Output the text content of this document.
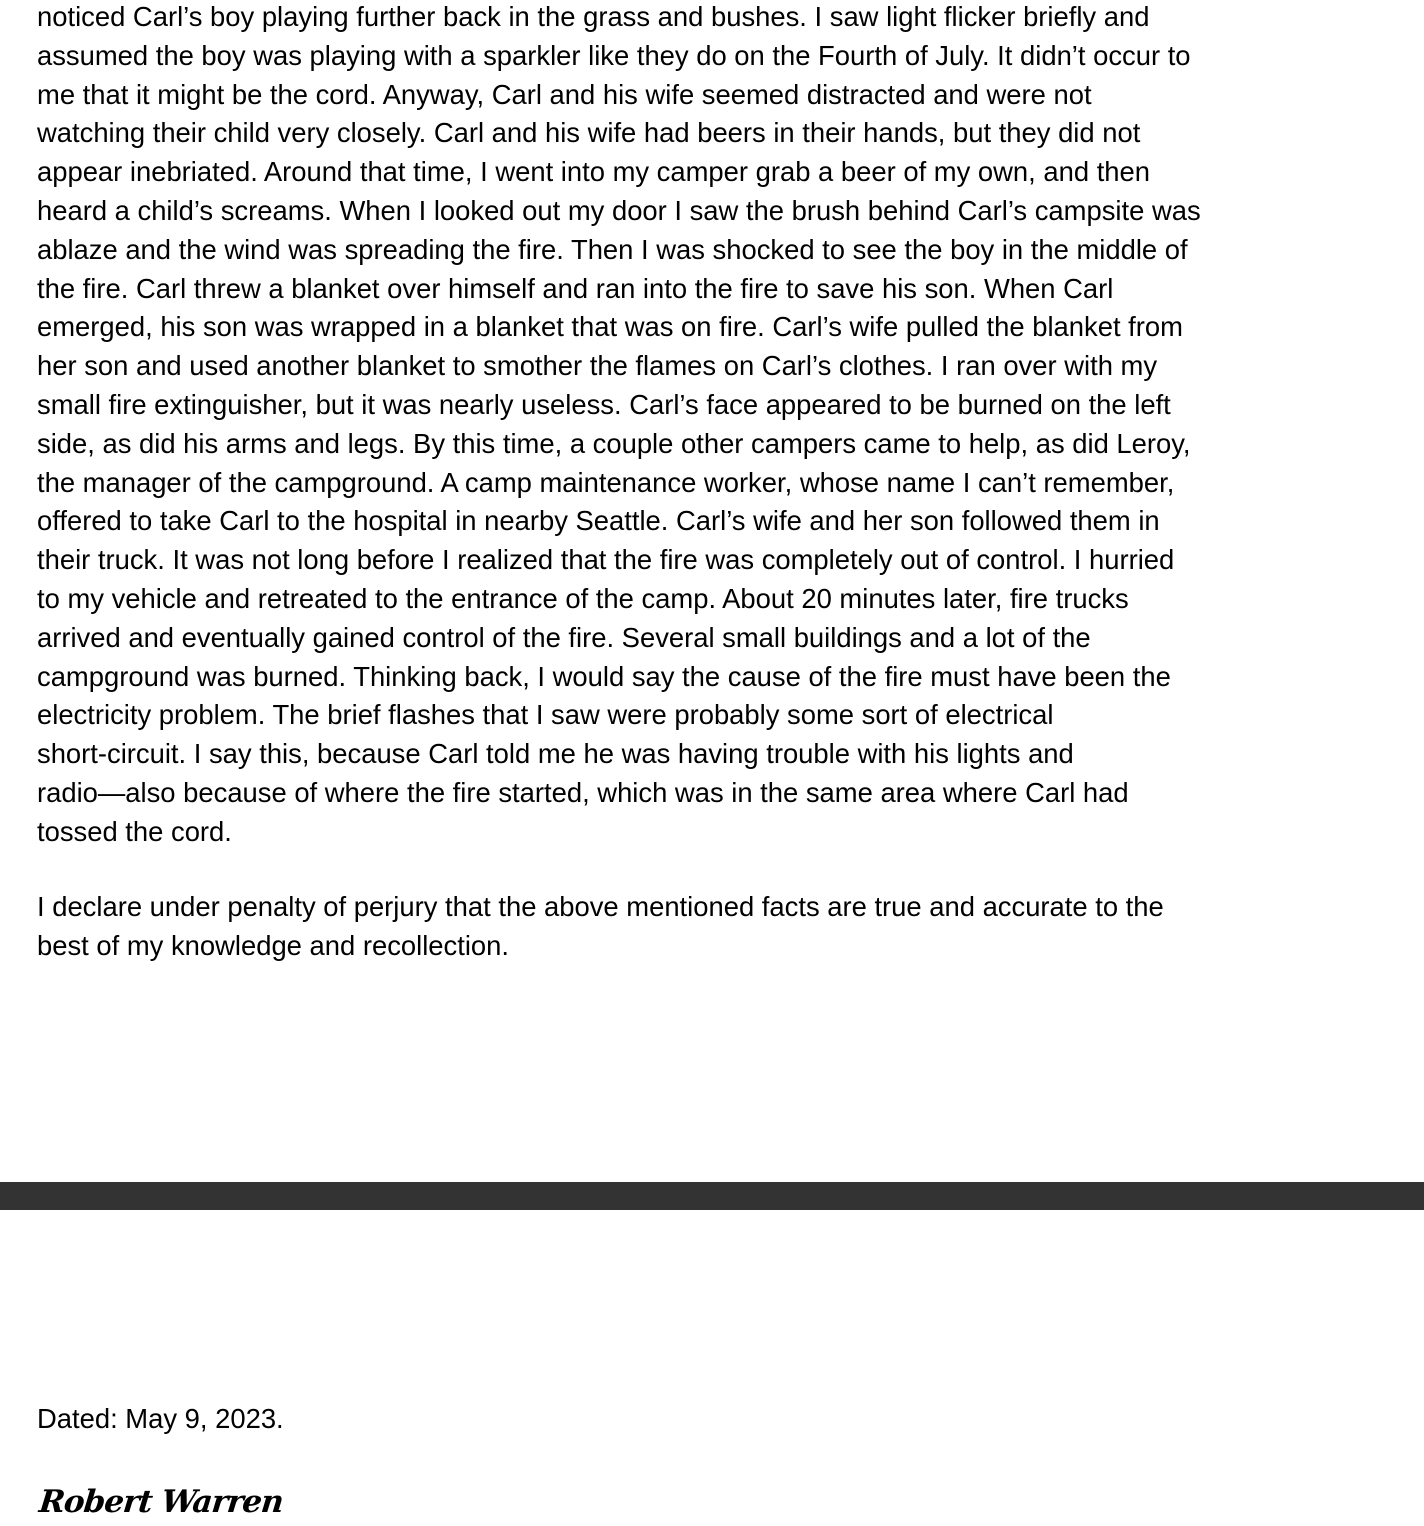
noticed Carl’s boy playing further back in the grass and bushes. I saw light flicker briefly and
assumed the boy was playing with a sparkler like they do on the Fourth of July. It didn’t occur to
me that it might be the cord. Anyway, Carl and his wife seemed distracted and were not
watching their child very closely. Carl and his wife had beers in their hands, but they did not
appear inebriated. Around that time, I went into my camper grab a beer of my own, and then
heard a child’s screams. When I looked out my door I saw the brush behind Carl’s campsite was
ablaze and the wind was spreading the fire. Then I was shocked to see the boy in the middle of
the fire. Carl threw a blanket over himself and ran into the fire to save his son. When Carl
emerged, his son was wrapped in a blanket that was on fire. Carl’s wife pulled the blanket from
her son and used another blanket to smother the flames on Carl’s clothes. I ran over with my
small fire extinguisher, but it was nearly useless. Carl’s face appeared to be burned on the left
side, as did his arms and legs. By this time, a couple other campers came to help, as did Leroy,
the manager of the campground. A camp maintenance worker, whose name I can’t remember,
offered to take Carl to the hospital in nearby Seattle. Carl’s wife and her son followed them in
their truck. It was not long before I realized that the fire was completely out of control. I hurried
to my vehicle and retreated to the entrance of the camp. About 20 minutes later, fire trucks
arrived and eventually gained control of the fire. Several small buildings and a lot of the
campground was burned. Thinking back, I would say the cause of the fire must have been the
electricity problem. The brief flashes that I saw were probably some sort of electrical
short-circuit. I say this, because Carl told me he was having trouble with his lights and
radio—also because of where the fire started, which was in the same area where Carl had
tossed the cord.

I declare under penalty of perjury that the above mentioned facts are true and accurate to the
best of my knowledge and recollection.

Dated: May 9, 2023.

Robert Warren
